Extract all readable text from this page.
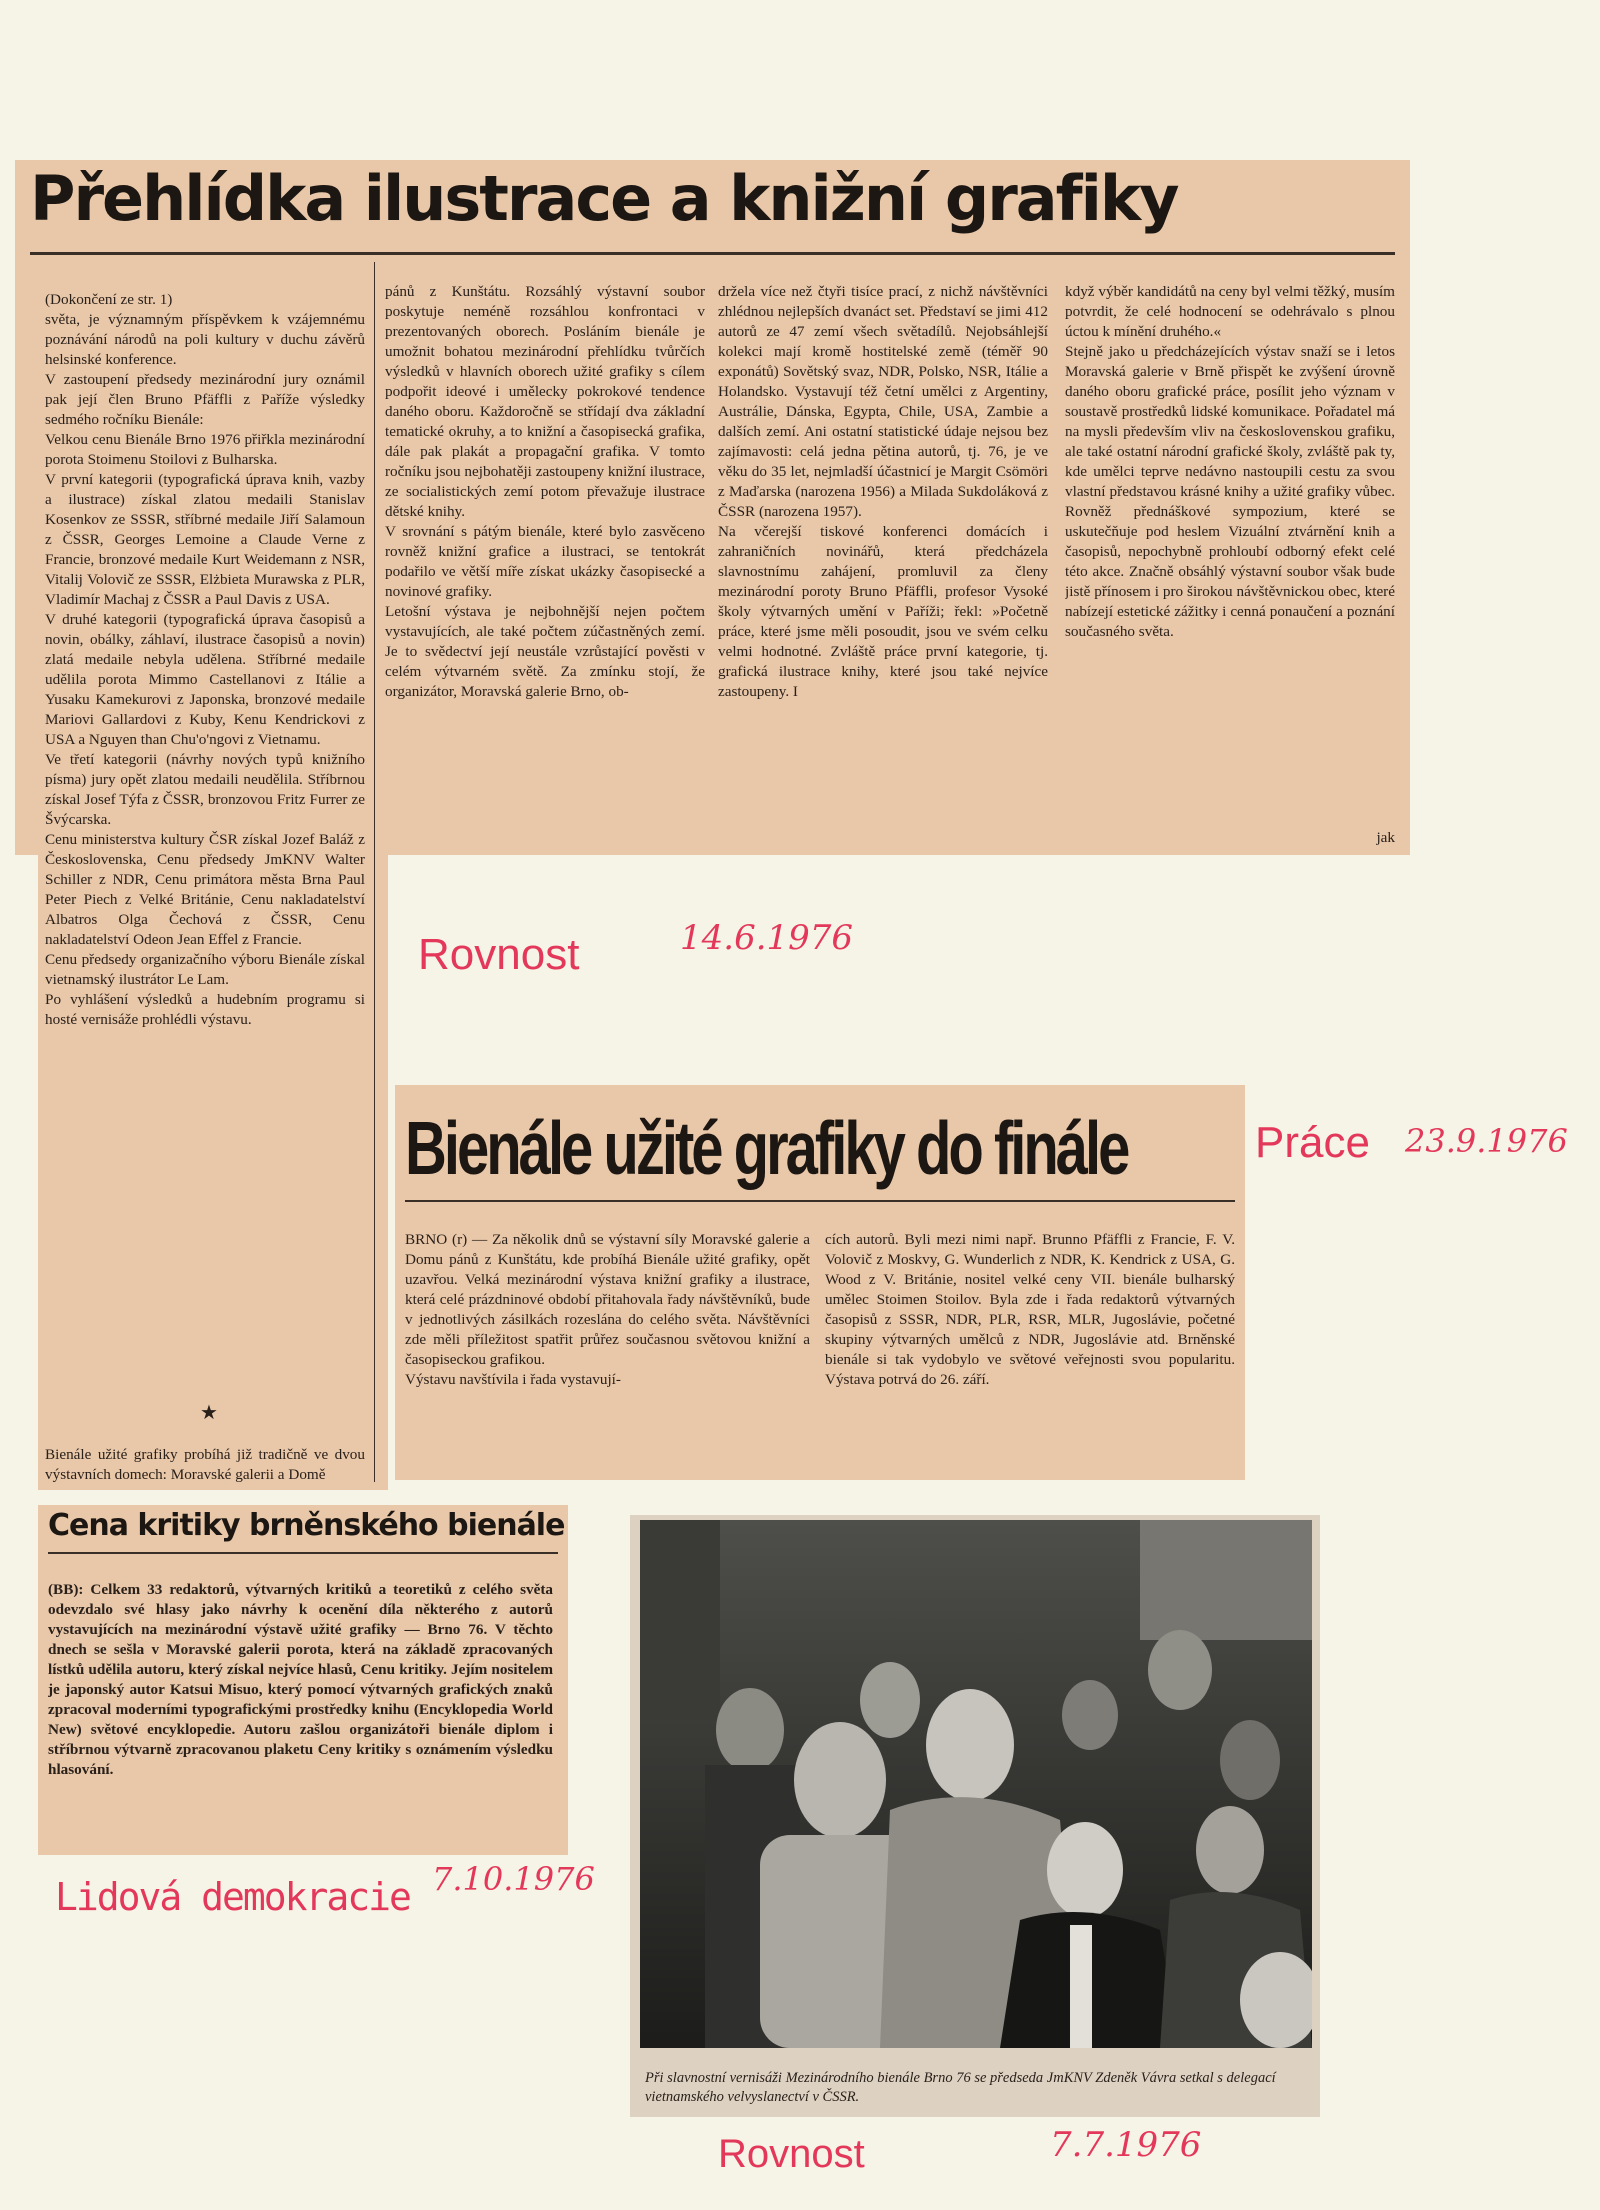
Přehlídka ilustrace a knižní grafiky

(Dokončení ze str. 1)
světa, je významným příspěvkem k vzájemnému poznávání národů na poli kultury v duchu závěrů helsinské konference.
V zastoupení předsedy mezinárodní jury oznámil pak její člen Bruno Pfäffli z Paříže výsledky sedmého ročníku Bienále:
Velkou cenu Bienále Brno 1976 přiřkla mezinárodní porota Stoimenu Stoilovi z Bulharska.
V první kategorii (typografická úprava knih, vazby a ilustrace) získal zlatou medaili Stanislav Kosenkov ze SSSR, stříbrné medaile Jiří Salamoun z ČSSR, Georges Lemoine a Claude Verne z Francie, bronzové medaile Kurt Weidemann z NSR, Vitalij Volovič ze SSSR, Elżbieta Murawska z PLR, Vladimír Machaj z ČSSR a Paul Davis z USA.
V druhé kategorii (typografická úprava časopisů a novin, obálky, záhlaví, ilustrace časopisů a novin) zlatá medaile nebyla udělena. Stříbrné medaile udělila porota Mimmo Castellanovi z Itálie a Yusaku Kamekurovi z Japonska, bronzové medaile Mariovi Gallardovi z Kuby, Kenu Kendrickovi z USA a Nguyen than Chu'o'ngovi z Vietnamu.
Ve třetí kategorii (návrhy nových typů knižního písma) jury opět zlatou medaili neudělila. Stříbrnou získal Josef Týfa z ČSSR, bronzovou Fritz Furrer ze Švýcarska.
Cenu ministerstva kultury ČSR získal Jozef Baláž z Československa, Cenu předsedy JmKNV Walter Schiller z NDR, Cenu primátora města Brna Paul Peter Piech z Velké Británie, Cenu nakladatelství Albatros Olga Čechová z ČSSR, Cenu nakladatelství Odeon Jean Effel z Francie.
Cenu předsedy organizačního výboru Bienále získal vietnamský ilustrátor Le Lam.
Po vyhlášení výsledků a hudebním programu si hosté vernisáže prohlédli výstavu.

★

Bienále užité grafiky probíhá již tradičně ve dvou výstavních domech: Moravské galerii a Domě

pánů z Kunštátu. Rozsáhlý výstavní soubor poskytuje neméně rozsáhlou konfrontaci v prezentovaných oborech. Posláním bienále je umožnit bohatou mezinárodní přehlídku tvůrčích výsledků v hlavních oborech užité grafiky s cílem podpořit ideové i umělecky pokrokové tendence daného oboru. Každoročně se střídají dva základní tematické okruhy, a to knižní a časopisecká grafika, dále pak plakát a propagační grafika. V tomto ročníku jsou nejbohatěji zastoupeny knižní ilustrace, ze socialistických zemí potom převažuje ilustrace dětské knihy.
V srovnání s pátým bienále, které bylo zasvěceno rovněž knižní grafice a ilustraci, se tentokrát podařilo ve větší míře získat ukázky časopisecké a novinové grafiky.
Letošní výstava je nejbohnější nejen počtem vystavujících, ale také počtem zúčastněných zemí. Je to svědectví její neustále vzrůstající pověsti v celém výtvarném světě. Za zmínku stojí, že organizátor, Moravská galerie Brno, ob-

držela více než čtyři tisíce prací, z nichž návštěvníci zhlédnou nejlepších dvanáct set. Představí se jimi 412 autorů ze 47 zemí všech světadílů. Nejobsáhlejší kolekci mají kromě hostitelské země (téměř 90 exponátů) Sovětský svaz, NDR, Polsko, NSR, Itálie a Holandsko. Vystavují též četní umělci z Argentiny, Austrálie, Dánska, Egypta, Chile, USA, Zambie a dalších zemí. Ani ostatní statistické údaje nejsou bez zajímavosti: celá jedna pětina autorů, tj. 76, je ve věku do 35 let, nejmladší účastnicí je Margit Csömöri z Maďarska (narozena 1956) a Milada Sukdoláková z ČSSR (narozena 1957).
Na včerejší tiskové konferenci domácích i zahraničních novinářů, která předcházela slavnostnímu zahájení, promluvil za členy mezinárodní poroty Bruno Pfäffli, profesor Vysoké školy výtvarných umění v Paříži; řekl: »Početně práce, které jsme měli posoudit, jsou ve svém celku velmi hodnotné. Zvláště práce první kategorie, tj. grafická ilustrace knihy, které jsou také nejvíce zastoupeny. I

když výběr kandidátů na ceny byl velmi těžký, musím potvrdit, že celé hodnocení se odehrávalo s plnou úctou k mínění druhého.«
Stejně jako u předcházejících výstav snaží se i letos Moravská galerie v Brně přispět ke zvýšení úrovně daného oboru grafické práce, posílit jeho význam v soustavě prostředků lidské komunikace. Pořadatel má na mysli především vliv na československou grafiku, ale také ostatní národní grafické školy, zvláště pak ty, kde umělci teprve nedávno nastoupili cestu za svou vlastní představou krásné knihy a užité grafiky vůbec. Rovněž přednáškové sympozium, které se uskutečňuje pod heslem Vizuální ztvárnění knih a časopisů, nepochybně prohloubí odborný efekt celé této akce. Značně obsáhlý výstavní soubor však bude jistě přínosem i pro širokou návštěvnickou obec, které nabízejí estetické zážitky i cenná ponaučení a poznání současného světa.

jak
Rovnost	14.6.1976
Bienále užité grafiky do finále

BRNO (r) — Za několik dnů se výstavní síly Moravské galerie a Domu pánů z Kunštátu, kde probíhá Bienále užité grafiky, opět uzavřou. Velká mezinárodní výstava knižní grafiky a ilustrace, která celé prázdninové období přitahovala řady návštěvníků, bude v jednotlivých zásilkách rozeslána do celého světa. Návštěvníci zde měli příležitost spatřit průřez současnou světovou knižní a časopiseckou grafikou.
Výstavu navštívila i řada vystavují-

cích autorů. Byli mezi nimi např. Brunno Pfäffli z Francie, F. V. Volovič z Moskvy, G. Wunderlich z NDR, K. Kendrick z USA, G. Wood z V. Británie, nositel velké ceny VII. bienále bulharský umělec Stoimen Stoilov. Byla zde i řada redaktorů výtvarných časopisů z SSSR, NDR, PLR, RSR, MLR, Jugoslávie, početné skupiny výtvarných umělců z NDR, Jugoslávie atd. Brněnské bienále si tak vydobylo ve světové veřejnosti svou popularitu. Výstava potrvá do 26. září.

Práce 23.9.1976
Cena kritiky brněnského bienále

(BB): Celkem 33 redaktorů, výtvarných kritiků a teoretiků z celého světa odevzdalo své hlasy jako návrhy k ocenění díla některého z autorů vystavujících na mezinárodní výstavě užité grafiky — Brno 76. V těchto dnech se sešla v Moravské galerii porota, která na základě zpracovaných lístků udělila autoru, který získal nejvíce hlasů, Cenu kritiky. Jejím nositelem je japonský autor Katsui Misuo, který pomocí výtvarných grafických znaků zpracoval moderními typografickými prostředky knihu (Encyklopedia World New) světové encyklopedie. Autoru zašlou organizátoři bienále diplom i stříbrnou výtvarně zpracovanou plaketu Ceny kritiky s oznámením výsledku hlasování.

Lidová demokracie 7.10.1976

Při slavnostní vernisáži Mezinárodního bienále Brno 76 se předseda JmKNV Zdeněk Vávra setkal s delegací vietnamského velvyslanectví v ČSSR.

Rovnost	7.7.1976
